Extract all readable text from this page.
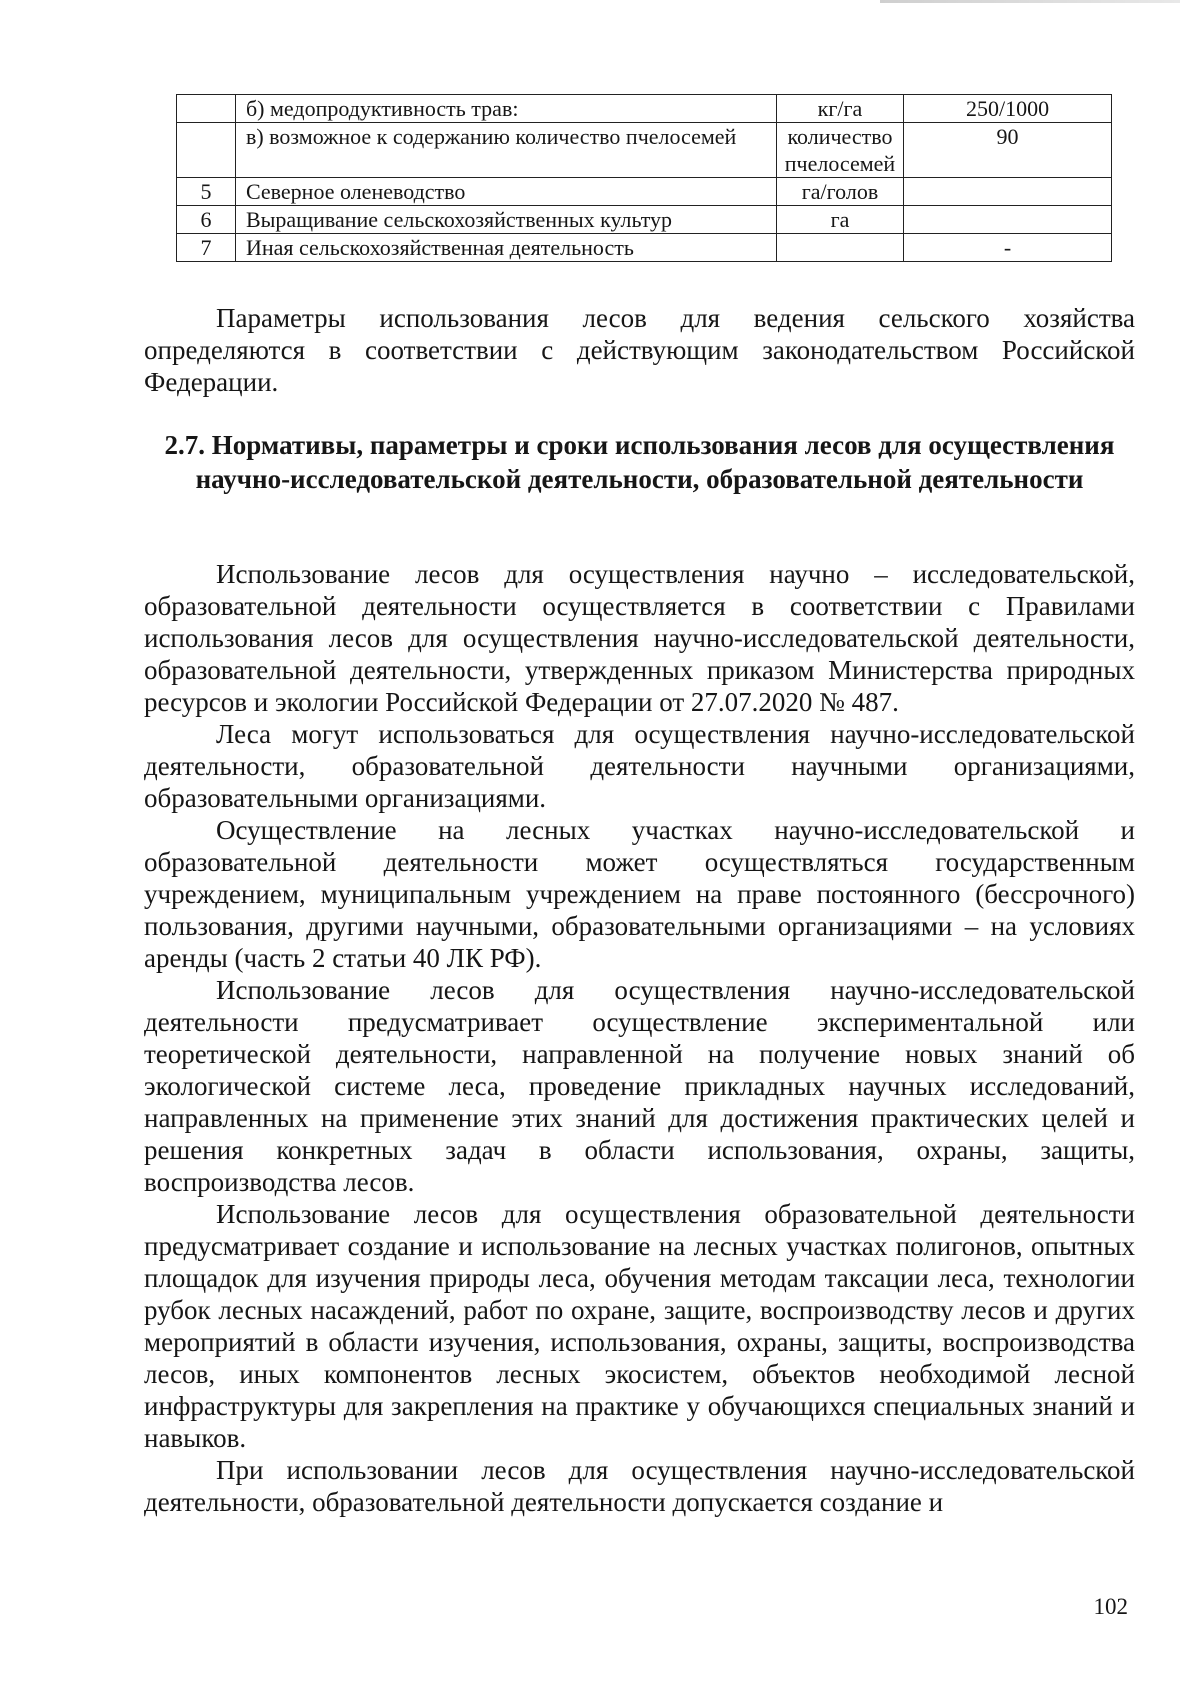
	б) медопродуктивность трав:	кг/га	250/1000
	в) возможное к содержанию количество пчелосемей	количество пчелосемей	90
5	Северное оленеводство	га/голов	
6	Выращивание сельскохозяйственных культур	га	
7	Иная сельскохозяйственная деятельность		-

Параметры использования лесов для ведения сельского хозяйства определяются в соответствии с действующим законодательством Российской Федерации.

2.7. Нормативы, параметры и сроки использования лесов для осуществления научно-исследовательской деятельности, образовательной деятельности

Использование лесов для осуществления научно – исследовательской, образовательной деятельности осуществляется в соответствии с Правилами использования лесов для осуществления научно-исследовательской деятельности, образовательной деятельности, утвержденных приказом Министерства природных ресурсов и экологии Российской Федерации от 27.07.2020 № 487.

Леса могут использоваться для осуществления научно-исследовательской деятельности, образовательной деятельности научными организациями, образовательными организациями.

Осуществление на лесных участках научно-исследовательской и образовательной деятельности может осуществляться государственным учреждением, муниципальным учреждением на праве постоянного (бессрочного) пользования, другими научными, образовательными организациями – на условиях аренды (часть 2 статьи 40 ЛК РФ).

Использование лесов для осуществления научно-исследовательской деятельности предусматривает осуществление экспериментальной или теоретической деятельности, направленной на получение новых знаний об экологической системе леса, проведение прикладных научных исследований, направленных на применение этих знаний для достижения практических целей и решения конкретных задач в области использования, охраны, защиты, воспроизводства лесов.

Использование лесов для осуществления образовательной деятельности предусматривает создание и использование на лесных участках полигонов, опытных площадок для изучения природы леса, обучения методам таксации леса, технологии рубок лесных насаждений, работ по охране, защите, воспроизводству лесов и других мероприятий в области изучения, использования, охраны, защиты, воспроизводства лесов, иных компонентов лесных экосистем, объектов необходимой лесной инфраструктуры для закрепления на практике у обучающихся специальных знаний и навыков.

При использовании лесов для осуществления научно-исследовательской деятельности, образовательной деятельности допускается создание и

102
